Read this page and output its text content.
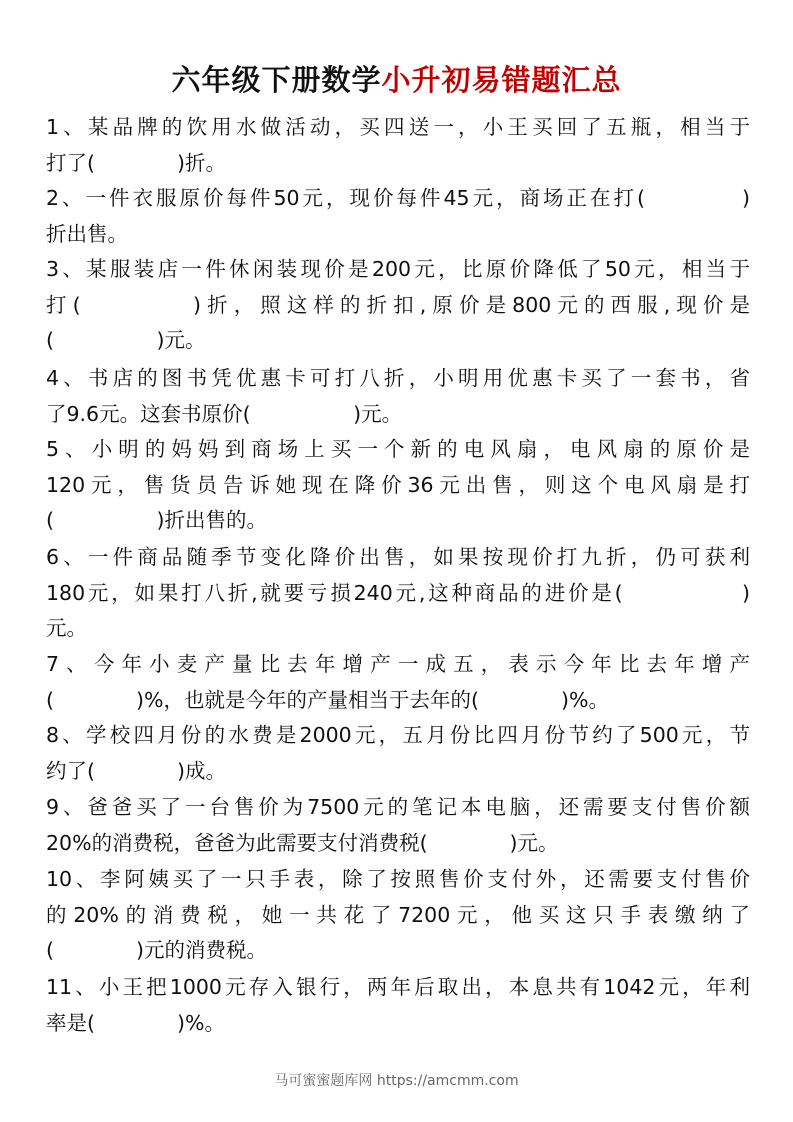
六年级下册数学小升初易错题汇总
1、某品牌的饮用水做活动，买四送一，小王买回了五瓶，相当于
打了(　　　　)折。
2、一件衣服原价每件50元，现价每件45元，商场正在打(　　　　)
折出售。
3、某服装店一件休闲装现价是200元，比原价降低了50元，相当于
打(　　　　)折，照这样的折扣,原价是800元的西服,现价是
(　　　　　)元。
4、书店的图书凭优惠卡可打八折，小明用优惠卡买了一套书，省
了9.6元。这套书原价(　　　　　)元。
5、小明的妈妈到商场上买一个新的电风扇，电风扇的原价是
120元，售货员告诉她现在降价36元出售，则这个电风扇是打
(　　　　　)折出售的。
6、一件商品随季节变化降价出售，如果按现价打九折，仍可获利
180元，如果打八折,就要亏损240元,这种商品的进价是(　　　　　)
元。
7、今年小麦产量比去年增产一成五，表示今年比去年增产
(　　　　)%，也就是今年的产量相当于去年的(　　　　)%。
8、学校四月份的水费是2000元，五月份比四月份节约了500元，节
约了(　　　　)成。
9、爸爸买了一台售价为7500元的笔记本电脑，还需要支付售价额
20%的消费税，爸爸为此需要支付消费税(　　　　)元。
10、李阿姨买了一只手表，除了按照售价支付外，还需要支付售价
的20%的消费税，她一共花了7200元，他买这只手表缴纳了
(　　　　)元的消费税。
11、小王把1000元存入银行，两年后取出，本息共有1042元，年利
率是(　　　　)%。
马可蜜蜜题库网 https://amcmm.com
